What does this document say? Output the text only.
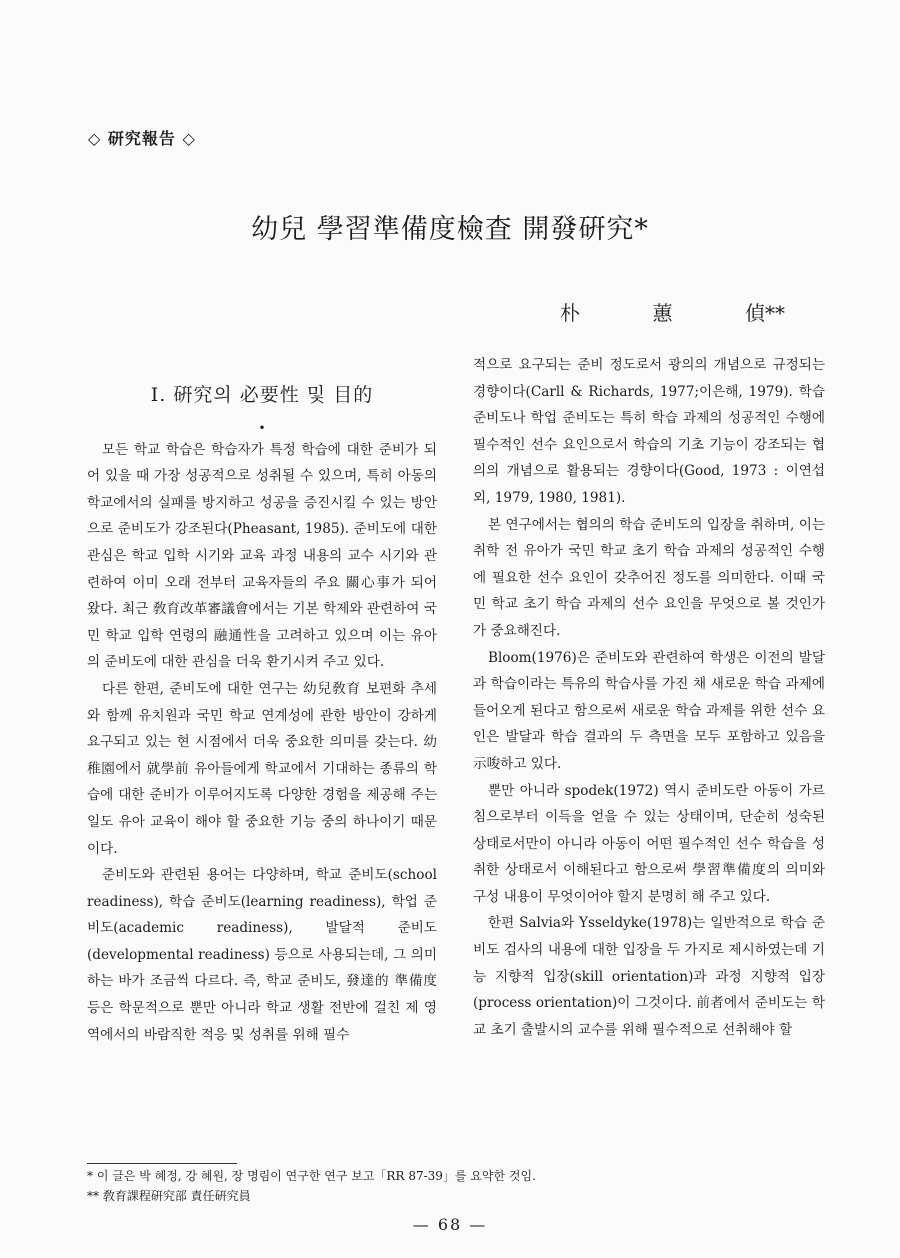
◇ 研究報告 ◇
幼兒 學習準備度檢査 開發硏究*
朴	蕙	偵**
Ⅰ. 硏究의 必要性 및 目的
•

모든 학교 학습은 학습자가 특정 학습에 대한 준비가 되어 있을 때 가장 성공적으로 성취될 수 있으며, 특히 아동의 학교에서의 실패를 방지하고 성공을 증진시킬 수 있는 방안으로 준비도가 강조된다(Pheasant, 1985). 준비도에 대한 관심은 학교 입학 시기와 교육 과정 내용의 교수 시기와 관련하여 이미 오래 전부터 교육자들의 주요 關心事가 되어 왔다. 최근 敎育改革審議會에서는 기본 학제와 관련하여 국민 학교 입학 연령의 融通性을 고려하고 있으며 이는 유아의 준비도에 대한 관심을 더욱 환기시켜 주고 있다.

다른 한편, 준비도에 대한 연구는 幼兒敎育 보편화 추세와 함께 유치원과 국민 학교 연계성에 관한 방안이 강하게 요구되고 있는 현 시점에서 더욱 중요한 의미를 갖는다. 幼稚園에서 就學前 유아들에게 학교에서 기대하는 종류의 학습에 대한 준비가 이루어지도록 다양한 경험을 제공해 주는 일도 유아 교육이 해야 할 중요한 기능 중의 하나이기 때문이다.

준비도와 관련된 용어는 다양하며, 학교 준비도(school readiness), 학습 준비도(learning readiness), 학업 준비도(academic readiness), 발달적 준비도(developmental readiness) 등으로 사용되는데, 그 의미하는 바가 조금씩 다르다. 즉, 학교 준비도, 發達的 準備度 등은 학문적으로 뿐만 아니라 학교 생활 전반에 걸친 제 영역에서의 바람직한 적응 및 성취를 위해 필수

적으로 요구되는 준비 정도로서 광의의 개념으로 규정되는 경향이다(Carll & Richards, 1977;이은해, 1979). 학습 준비도나 학업 준비도는 특히 학습 과제의 성공적인 수행에 필수적인 선수 요인으로서 학습의 기초 기능이 강조되는 협의의 개념으로 활용되는 경향이다(Good, 1973 : 이연섭 외, 1979, 1980, 1981).

본 연구에서는 협의의 학습 준비도의 입장을 취하며, 이는 취학 전 유아가 국민 학교 초기 학습 과제의 성공적인 수행에 필요한 선수 요인이 갖추어진 정도를 의미한다. 이때 국민 학교 초기 학습 과제의 선수 요인을 무엇으로 볼 것인가가 중요해진다.

Bloom(1976)은 준비도와 관련하여 학생은 이전의 발달과 학습이라는 특유의 학습사를 가진 채 새로운 학습 과제에 들어오게 된다고 함으로써 새로운 학습 과제를 위한 선수 요인은 발달과 학습 결과의 두 측면을 모두 포함하고 있음을 示唆하고 있다.

뿐만 아니라 spodek(1972) 역시 준비도란 아동이 가르침으로부터 이득을 얻을 수 있는 상태이며, 단순히 성숙된 상태로서만이 아니라 아동이 어떤 필수적인 선수 학습을 성취한 상태로서 이해된다고 함으로써 學習準備度의 의미와 구성 내용이 무엇이어야 할지 분명히 해 주고 있다.

한편 Salvia와 Ysseldyke(1978)는 일반적으로 학습 준비도 검사의 내용에 대한 입장을 두 가지로 제시하였는데 기능 지향적 입장(skill orientation)과 과정 지향적 입장(process orientation)이 그것이다. 前者에서 준비도는 학교 초기 출발시의 교수를 위해 필수적으로 선취해야 할

* 이 글은 박 혜정, 강 혜원, 장 명림이 연구한 연구 보고「RR 87-39」를 요약한 것임.
** 敎育課程硏究部 責任硏究員
— 68 —
